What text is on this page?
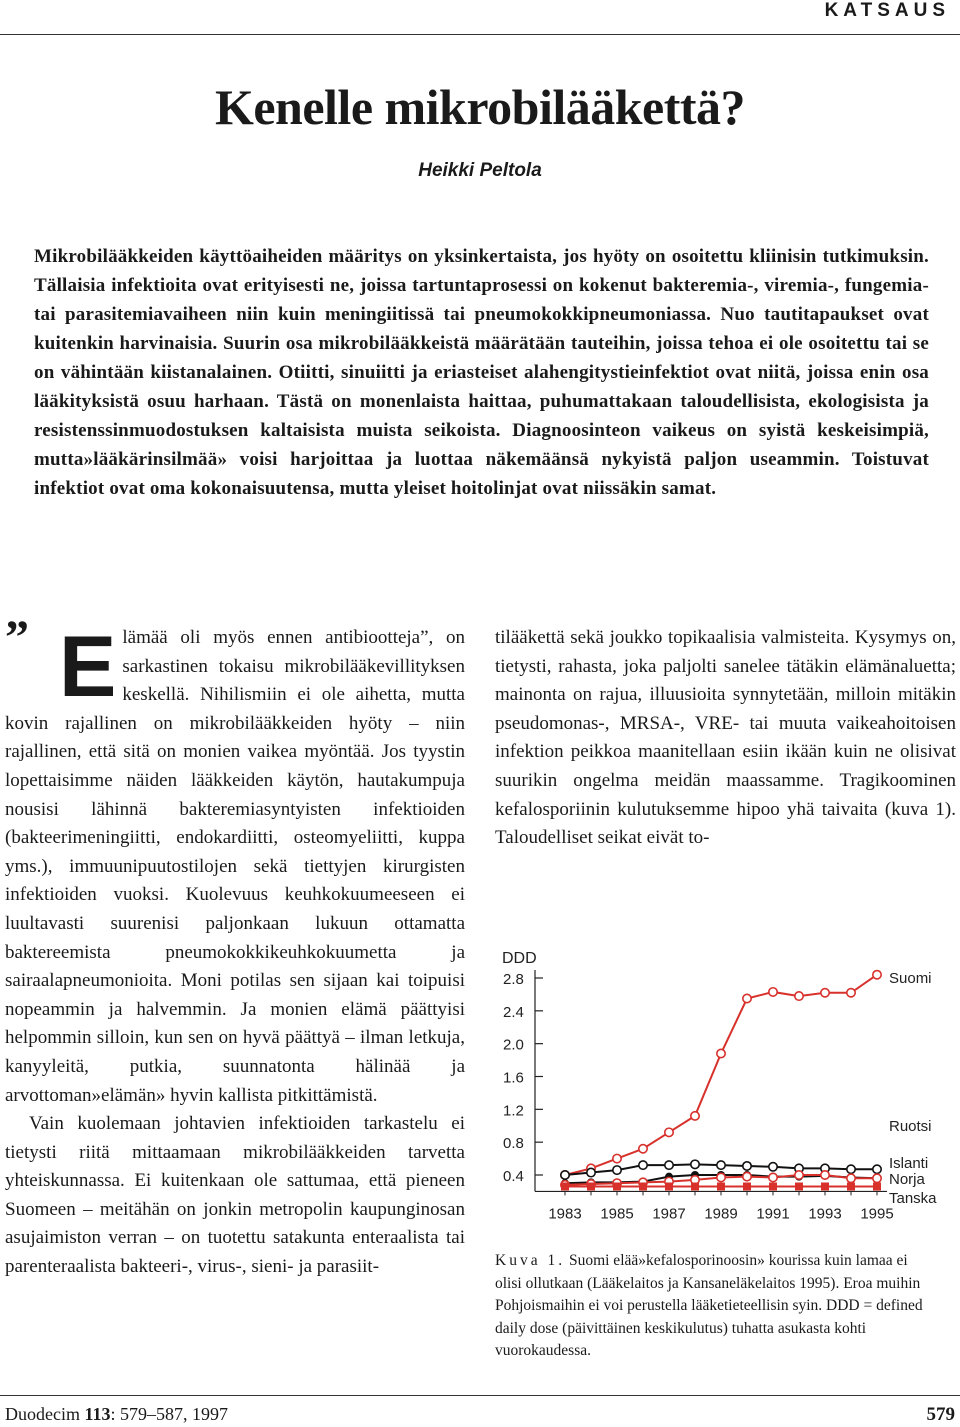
KATSAUS
Kenelle mikrobilääkettä?
Heikki Peltola
Mikrobilääkkeiden käyttöaiheiden määritys on yksinkertaista, jos hyöty on osoitettu kliinisin tutkimuksin. Tällaisia infektioita ovat erityisesti ne, joissa tartuntaprosessi on kokenut bakteremia-, viremia-, fungemia- tai parasitemiavaiheen niin kuin meningiitissä tai pneumokokkipneumoniassa. Nuo tautitapaukset ovat kuitenkin harvinaisia. Suurin osa mikrobilääkkeistä määrätään tauteihin, joissa tehoa ei ole osoitettu tai se on vähintään kiistanalainen. Otiitti, sinuiitti ja eriasteiset alahengitystieinfektiot ovat niitä, joissa enin osa lääkityksistä osuu harhaan. Tästä on monenlaista haittaa, puhumattakaan taloudellisista, ekologisista ja resistenssinmuodostuksen kaltaisista muista seikoista. Diagnoosinteon vaikeus on syistä keskeisimpiä, mutta»lääkärinsilmää» voisi harjoittaa ja luottaa näkemäänsä nykyistä paljon useammin. Toistuvat infektiot ovat oma kokonaisuutensa, mutta yleiset hoitolinjat ovat niissäkin samat.
” Elämää oli myös ennen antibiootteja”, on sarkastinen tokaisu mikrobilääkevillityksen keskellä. Nihilismiin ei ole aihetta, mutta kovin rajallinen on mikrobilääkkeiden hyöty – niin rajallinen, että sitä on monien vaikea myöntää. Jos tyystin lopettaisimme näiden lääkkeiden käytön, hautakumpuja nousisi lähinnä bakteremiasyntyisten infektioiden (bakteerimeningiitti, endokardiitti, osteomyeliitti, kuppa yms.), immuunipuutostilojen sekä tiettyjen kirurgisten infektioiden vuoksi. Kuolevuus keuhkokuumeeseen ei luultavasti suurenisi paljonkaan lukuun ottamatta baktereemista pneumokokkikeuhkokuumetta ja sairaalapneumonioita. Moni potilas sen sijaan kai toipuisi nopeammin ja halvemmin. Ja monien elämä päättyisi helpommin silloin, kun sen on hyvä päättyä – ilman letkuja, kanyyleitä, putkia, suunnatonta hälinää ja arvottoman»elämän» hyvin kallista pitkittämistä.

Vain kuolemaan johtavien infektioiden tarkastelu ei tietysti riitä mittaamaan mikrobilääkkeiden tarvetta yhteiskunnassa. Ei kuitenkaan ole sattumaa, että pieneen Suomeen – meitähän on jonkin metropolin kaupunginosan asujaimiston verran – on tuotettu satakunta enteraalista tai parenteraalista bakteeri-, virus-, sieni- ja parasiit-

tilääkettä sekä joukko topikaalisia valmisteita. Kysymys on, tietysti, rahasta, joka paljolti sanelee tätäkin elämänaluetta; mainonta on rajua, illuusioita synnytetään, milloin mitäkin pseudomonas-, MRSA-, VRE- tai muuta vaikeahoitoisen infektion peikkoa maanitellaan esiin ikään kuin ne olisivat suurikin ongelma meidän maassamme. Tragikoominen kefalosporiinin kulutuksemme hipoo yhä taivaita (kuva 1). Taloudelliset seikat eivät to-

DDD
2.8
2.4
2.0
1.6
1.2
0.8
0.4
1983 1985 1987 1989 1991 1993 1995
Suomi
Ruotsi
Islanti
Norja
Tanska
Kuva 1. Suomi elää»kefalosporinoosin» kourissa kuin lamaa ei olisi ollutkaan (Lääkelaitos ja Kansaneläkelaitos 1995). Eroa muihin Pohjoismaihin ei voi perustella lääketieteellisin syin. DDD = defined daily dose (päivittäinen keskikulutus) tuhatta asukasta kohti vuorokaudessa.
Duodecim 113: 579–587, 1997	579
